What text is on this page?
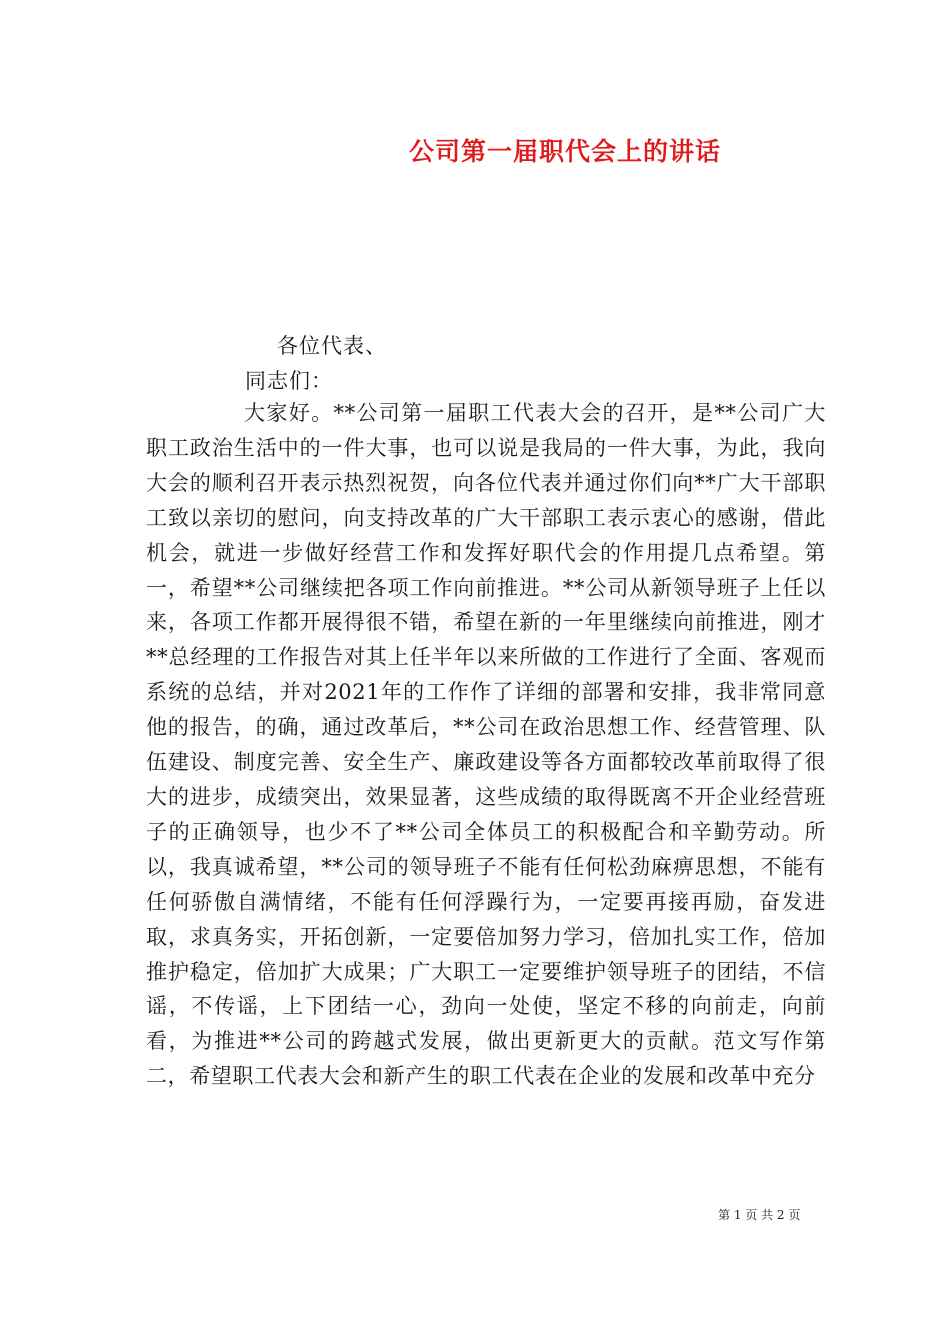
公司第一届职代会上的讲话
各位代表、
同志们：

大家好。**公司第一届职工代表大会的召开，是**公司广大职工政治生活中的一件大事，也可以说是我局的一件大事，为此，我向大会的顺利召开表示热烈祝贺，向各位代表并通过你们向**广大干部职工致以亲切的慰问，向支持改革的广大干部职工表示衷心的感谢，借此机会，就进一步做好经营工作和发挥好职代会的作用提几点希望。第一，希望**公司继续把各项工作向前推进。**公司从新领导班子上任以来，各项工作都开展得很不错，希望在新的一年里继续向前推进，刚才**总经理的工作报告对其上任半年以来所做的工作进行了全面、客观而系统的总结，并对2021年的工作作了详细的部署和安排，我非常同意他的报告，的确，通过改革后，**公司在政治思想工作、经营管理、队伍建设、制度完善、安全生产、廉政建设等各方面都较改革前取得了很大的进步，成绩突出，效果显著，这些成绩的取得既离不开企业经营班子的正确领导，也少不了**公司全体员工的积极配合和辛勤劳动。所以，我真诚希望，**公司的领导班子不能有任何松劲麻痹思想，不能有任何骄傲自满情绪，不能有任何浮躁行为，一定要再接再励，奋发进取，求真务实，开拓创新，一定要倍加努力学习，倍加扎实工作，倍加推护稳定，倍加扩大成果；广大职工一定要维护领导班子的团结，不信谣，不传谣，上下团结一心，劲向一处使，坚定不移的向前走，向前看，为推进**公司的跨越式发展，做出更新更大的贡献。范文写作第二，希望职工代表大会和新产生的职工代表在企业的发展和改革中充分

第 1 页 共 2 页
